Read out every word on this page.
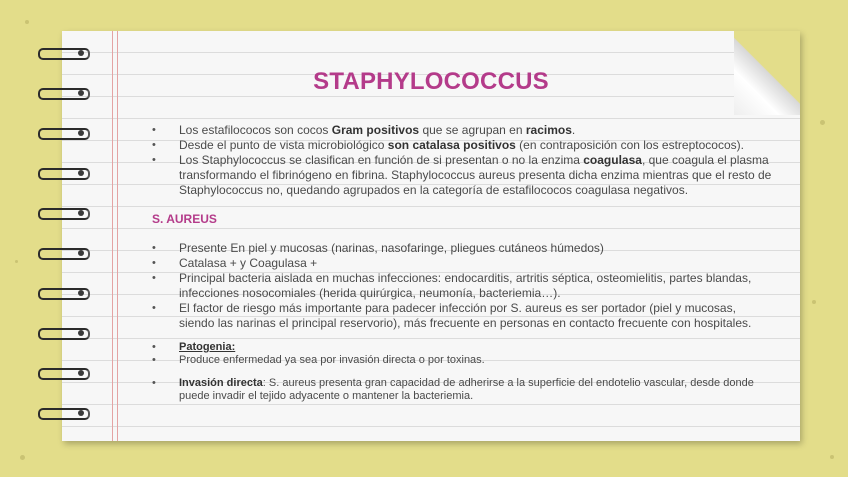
STAPHYLOCOCCUS
• Los estafilococos son cocos Gram positivos que se agrupan en racimos.
• Desde el punto de vista microbiológico son catalasa positivos (en contraposición con los estreptococos).
• Los Staphylococcus se clasifican en función de si presentan o no la enzima coagulasa, que coagula el plasma transformando el fibrinógeno en fibrina. Staphylococcus aureus presenta dicha enzima mientras que el resto de Staphylococcus no, quedando agrupados en la categoría de estafilococos coagulasa negativos.
S. AUREUS
• Presente En piel y mucosas (narinas, nasofaringe, pliegues cutáneos húmedos)
• Catalasa + y Coagulasa +
• Principal bacteria aislada en muchas infecciones: endocarditis, artritis séptica, osteomielitis, partes blandas, infecciones nosocomiales (herida quirúrgica, neumonía, bacteriemia…).
• El factor de riesgo más importante para padecer infección por S. aureus es ser portador (piel y mucosas, siendo las narinas el principal reservorio), más frecuente en personas en contacto frecuente con hospitales.
• Patogenia:
• Produce enfermedad ya sea por invasión directa o por toxinas.
• Invasión directa: S. aureus presenta gran capacidad de adherirse a la superficie del endotelio vascular, desde donde puede invadir el tejido adyacente o mantener la bacteriemia.
